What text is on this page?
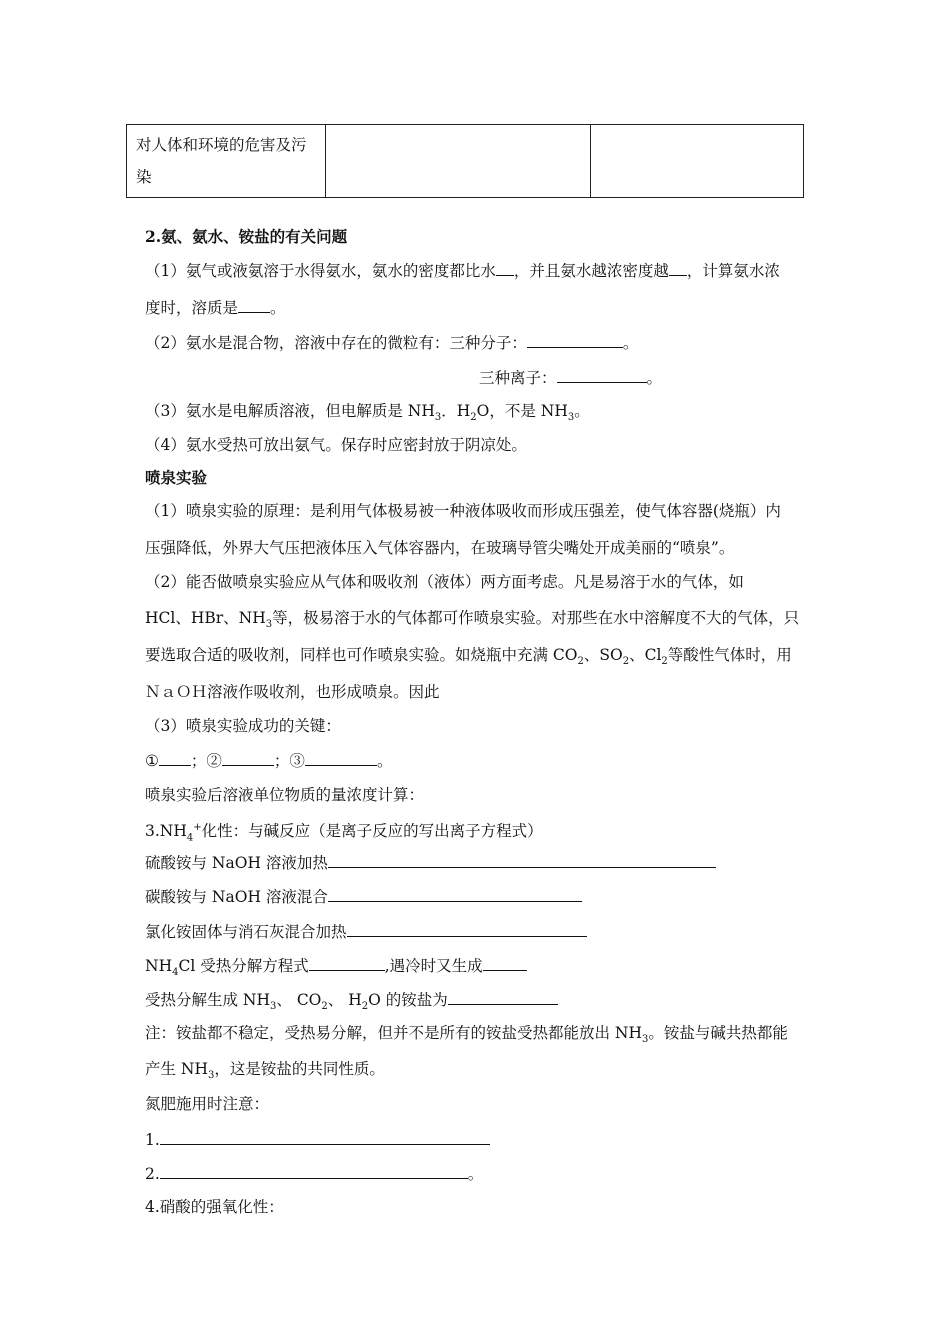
对人体和环境的危害及污染		
2.氨、氨水、铵盐的有关问题
（1）氨气或液氨溶于水得氨水，氨水的密度都比水 ，并且氨水越浓密度越 ，计算氨水浓
度时，溶质是 。
（2）氨水是混合物，溶液中存在的微粒有：三种分子：	。
三种离子：	。
（3）氨水是电解质溶液，但电解质是 $NH_3$．$H_2O$，不是 $NH_3$。
（4）氨水受热可放出氨气。保存时应密封放于阴凉处。
喷泉实验
（1）喷泉实验的原理：是利用气体极易被一种液体吸收而形成压强差，使气体容器(烧瓶）内
压强降低，外界大气压把液体压入气体容器内，在玻璃导管尖嘴处开成美丽的“喷泉”。
（2）能否做喷泉实验应从气体和吸收剂（液体）两方面考虑。凡是易溶于水的气体，如
HCl、HBr、$NH_3$等，极易溶于水的气体都可作喷泉实验。对那些在水中溶解度不大的气体，只
要选取合适的吸收剂，同样也可作喷泉实验。如烧瓶中充满 $CO_2$、$SO_2$、$Cl_2$等酸性气体时，用
ＮａＯＨ溶液作吸收剂，也形成喷泉。因此
（3）喷泉实验成功的关键：
① ；②	；③	。
喷泉实验后溶液单位物质的量浓度计算：
$3.NH_4^+$化性：与碱反应（是离子反应的写出离子方程式）
硫酸铵与 NaOH 溶液加热
碳酸铵与 NaOH 溶液混合
氯化铵固体与消石灰混合加热
$NH_4Cl$ 受热分解方程式	,遇冷时又生成
受热分解生成 $NH_3$、 $CO_2$、 $H_2O$ 的铵盐为
注：铵盐都不稳定，受热易分解，但并不是所有的铵盐受热都能放出 $NH_3$。铵盐与碱共热都能
产生 $NH_3$，这是铵盐的共同性质。
氮肥施用时注意：
1.
2.	。
4.硝酸的强氧化性：
